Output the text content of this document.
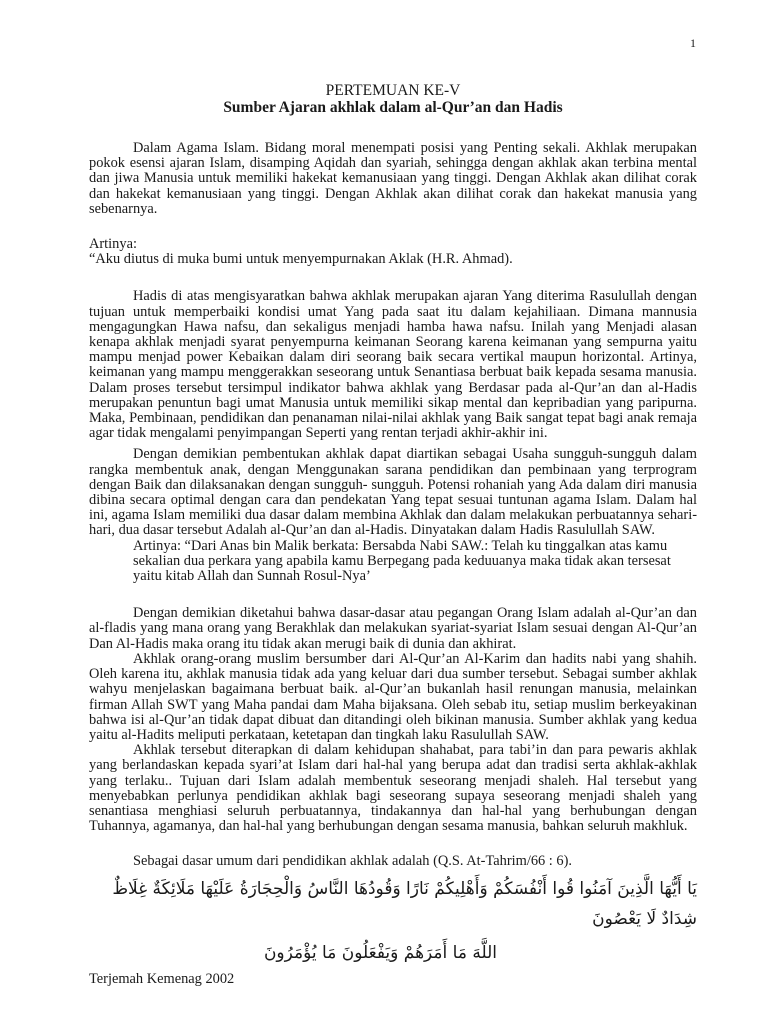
1
PERTEMUAN KE-V
Sumber Ajaran akhlak dalam al-Qur’an dan Hadis

Dalam Agama Islam. Bidang moral menempati posisi yang Penting sekali. Akhlak merupakan pokok esensi ajaran Islam, disamping Aqidah dan syariah, sehingga dengan akhlak akan terbina mental dan jiwa Manusia untuk memiliki hakekat kemanusiaan yang tinggi. Dengan Akhlak akan dilihat corak dan hakekat kemanusiaan yang tinggi. Dengan Akhlak akan dilihat corak dan hakekat manusia yang sebenarnya.

Artinya:

“Aku diutus di muka bumi untuk menyempurnakan Aklak (H.R. Ahmad).

Hadis di atas mengisyaratkan bahwa akhlak merupakan ajaran Yang diterima Rasulullah dengan tujuan untuk memperbaiki kondisi umat Yang pada saat itu dalam kejahiliaan. Dimana mannusia mengagungkan Hawa nafsu, dan sekaligus menjadi hamba hawa nafsu. Inilah yang Menjadi alasan kenapa akhlak menjadi syarat penyempurna keimanan Seorang karena keimanan yang sempurna yaitu mampu menjad power Kebaikan dalam diri seorang baik secara vertikal maupun horizontal. Artinya, keimanan yang mampu menggerakkan seseorang untuk Senantiasa berbuat baik kepada sesama manusia. Dalam proses tersebut tersimpul indikator bahwa akhlak yang Berdasar pada al-Qur’an dan al-Hadis merupakan penuntun bagi umat Manusia untuk memiliki sikap mental dan kepribadian yang paripurna. Maka, Pembinaan, pendidikan dan penanaman nilai-nilai akhlak yang Baik sangat tepat bagi anak remaja agar tidak mengalami penyimpangan Seperti yang rentan terjadi akhir-akhir ini.

Dengan demikian pembentukan akhlak dapat diartikan sebagai Usaha sungguh-sungguh dalam rangka membentuk anak, dengan Menggunakan sarana pendidikan dan pembinaan yang terprogram dengan Baik dan dilaksanakan dengan sungguh- sungguh. Potensi rohaniah yang Ada dalam diri manusia dibina secara optimal dengan cara dan pendekatan Yang tepat sesuai tuntunan agama Islam. Dalam hal ini, agama Islam memiliki dua dasar dalam membina Akhlak dan dalam melakukan perbuatannya sehari-hari, dua dasar tersebut Adalah al-Qur’an dan al-Hadis. Dinyatakan dalam Hadis Rasulullah SAW.

Artinya: “Dari Anas bin Malik berkata: Bersabda Nabi SAW.: Telah ku tinggalkan atas kamu sekalian dua perkara yang apabila kamu Berpegang pada keduuanya maka tidak akan tersesat yaitu kitab Allah dan Sunnah Rosul-Nya’

Dengan demikian diketahui bahwa dasar-dasar atau pegangan Orang Islam adalah al-Qur’an dan al-fladis yang mana orang yang Berakhlak dan melakukan syariat-syariat Islam sesuai dengan Al-Qur’an Dan Al-Hadis maka orang itu tidak akan merugi baik di dunia dan akhirat.

Akhlak orang-orang muslim bersumber dari Al-Qur’an Al-Karim dan hadits nabi yang shahih. Oleh karena itu, akhlak manusia tidak ada yang keluar dari dua sumber tersebut. Sebagai sumber akhlak wahyu menjelaskan bagaimana berbuat baik. al-Qur’an bukanlah hasil renungan manusia, melainkan firman Allah SWT yang Maha pandai dam Maha bijaksana. Oleh sebab itu, setiap muslim berkeyakinan bahwa isi al-Qur’an tidak dapat dibuat dan ditandingi oleh bikinan manusia. Sumber akhlak yang kedua yaitu al-Hadits meliputi perkataan, ketetapan dan tingkah laku Rasulullah SAW.

Akhlak tersebut diterapkan di dalam kehidupan shahabat, para tabi’in dan para pewaris akhlak yang berlandaskan kepada syari’at Islam dari hal-hal yang berupa adat dan tradisi serta akhlak-akhlak yang terlaku.. Tujuan dari Islam adalah membentuk seseorang menjadi shaleh. Hal tersebut yang menyebabkan perlunya pendidikan akhlak bagi seseorang supaya seseorang menjadi shaleh yang senantiasa menghiasi seluruh perbuatannya, tindakannya dan hal-hal yang berhubungan dengan Tuhannya, agamanya, dan hal-hal yang berhubungan dengan sesama manusia, bahkan seluruh makhluk.

Sebagai dasar umum dari pendidikan akhlak adalah (Q.S. At-Tahrim/66 : 6).

يَا أَيُّهَا الَّذِينَ آمَنُوا قُوا أَنْفُسَكُمْ وَأَهْلِيكُمْ نَارًا وَقُودُهَا النَّاسُ وَالْحِجَارَةُ عَلَيْهَا مَلَائِكَةٌ غِلَاظٌ شِدَادٌ لَا يَعْصُونَ
اللَّهَ مَا أَمَرَهُمْ وَيَفْعَلُونَ مَا يُؤْمَرُونَ

Terjemah Kemenag 2002
